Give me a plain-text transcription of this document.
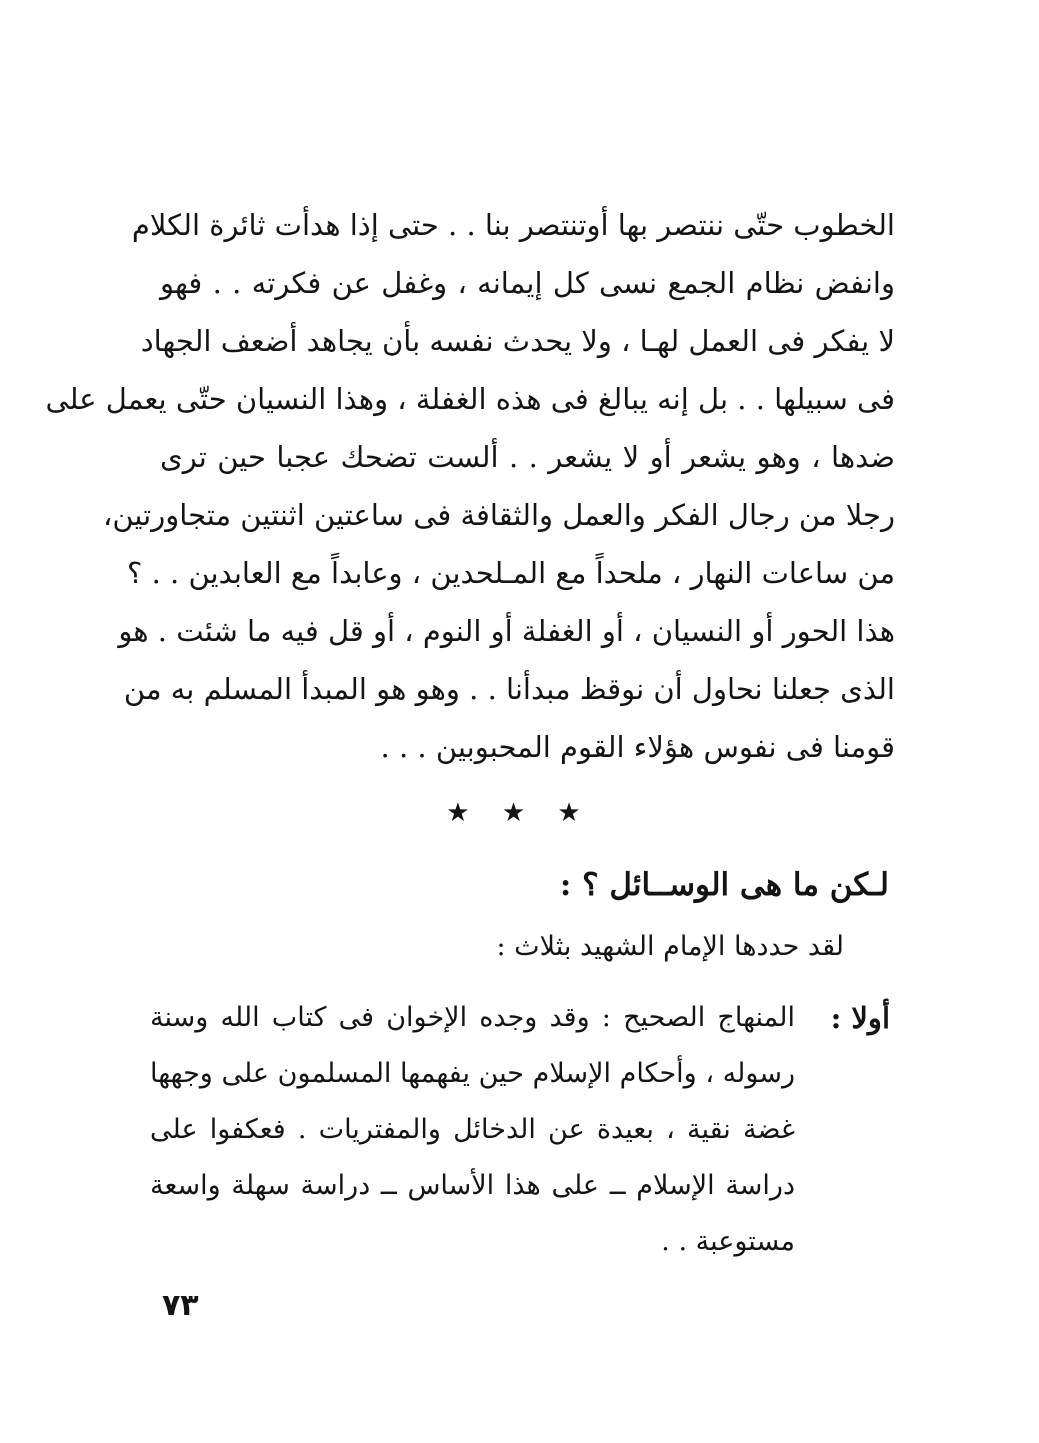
الخطوب حتّى ننتصر بها أوتنتصر بنا . . حتى إذا هدأت ثائرة الكلام
وانفض نظام الجمع نسى كل إيمانه ، وغفل عن فكرته . . فهو
لا يفكر فى العمل لهـا ، ولا يحدث نفسه بأن يجاهد أضعف الجهاد
فى سبيلها . . بل إنه يبالغ فى هذه الغفلة ، وهذا النسيان حتّى يعمل على
ضدها ، وهو يشعر أو لا يشعر . . ألست تضحك عجبا حين ترى
رجلا من رجال الفكر والعمل والثقافة فى ساعتين اثنتين متجاورتين،
من ساعات النهار ، ملحداً مع المـلحدين ، وعابداً مع العابدين . . ؟
هذا الحور أو النسيان ، أو الغفلة أو النوم ، أو قل فيه ما شئت . هو
الذى جعلنا نحاول أن نوقظ مبدأنا . . وهو هو المبدأ المسلم به من
قومنا فى نفوس هؤلاء القوم المحبوبين . . .
★ ★ ★
لـكن ما هى الوســائل ؟ :
لقد حددها الإمام الشهيد بثلاث :
أولا :
المنهاج الصحيح : وقد وجده الإخوان فى كتاب الله وسنة
رسوله ، وأحكام الإسلام حين يفهمها المسلمون على وجهها
غضة نقية ، بعيدة عن الدخائل والمفتريات . فعكفوا على
دراسة الإسلام ــ على هذا الأساس ــ دراسة سهلة واسعة
مستوعبة . .
٧٣
